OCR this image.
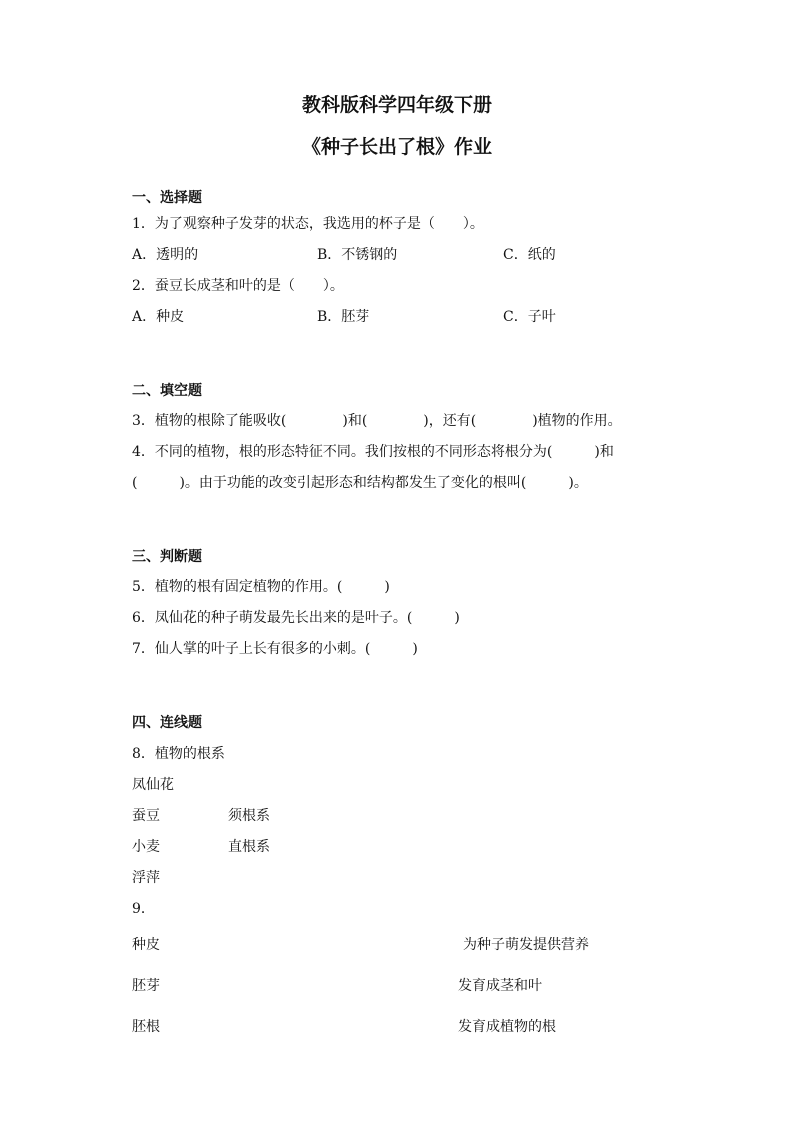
教科版科学四年级下册
《种子长出了根》作业
一、选择题
1．为了观察种子发芽的状态，我选用的杯子是（　　）。
A．透明的	B．不锈钢的	C．纸的
2．蚕豆长成茎和叶的是（　　）。
A．种皮	B．胚芽	C．子叶
二、填空题
3．植物的根除了能吸收(　　　　)和(　　　　)，还有(　　　　)植物的作用。
4．不同的植物，根的形态特征不同。我们按根的不同形态将根分为(　　　)和
(　　　)。由于功能的改变引起形态和结构都发生了变化的根叫(　　　)。
三、判断题
5．植物的根有固定植物的作用。(　　　)
6．凤仙花的种子萌发最先长出来的是叶子。(　　　)
7．仙人掌的叶子上长有很多的小刺。(　　　)
四、连线题
8．植物的根系
凤仙花
蚕豆	须根系
小麦	直根系
浮萍
9．
种皮	为种子萌发提供营养
胚芽	发育成茎和叶
胚根	发育成植物的根
